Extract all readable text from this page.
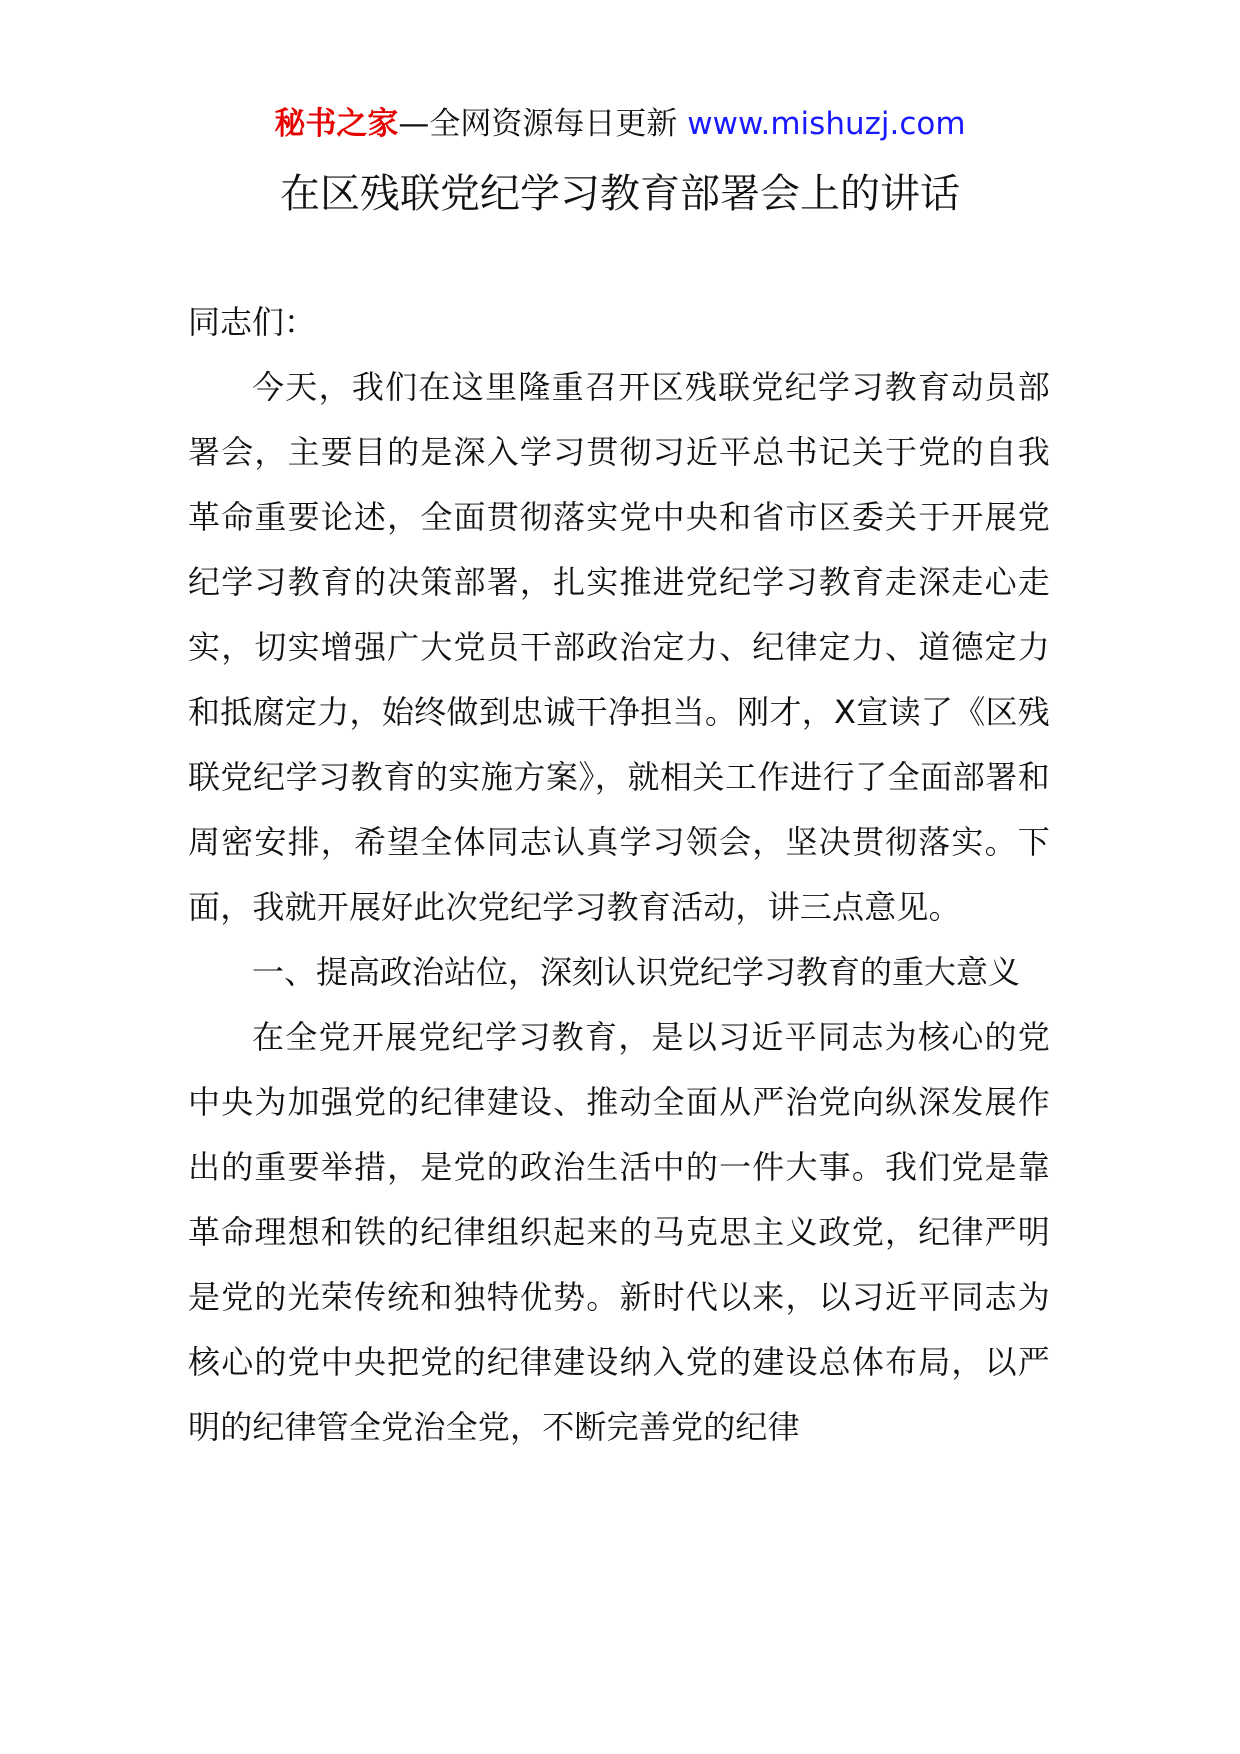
秘书之家—全网资源每日更新 www.mishuzj.com
在区残联党纪学习教育部署会上的讲话

同志们：

今天，我们在这里隆重召开区残联党纪学习教育动员部署会，主要目的是深入学习贯彻习近平总书记关于党的自我革命重要论述，全面贯彻落实党中央和省市区委关于开展党纪学习教育的决策部署，扎实推进党纪学习教育走深走心走实，切实增强广大党员干部政治定力、纪律定力、道德定力和抵腐定力，始终做到忠诚干净担当。刚才，X宣读了《区残联党纪学习教育的实施方案》，就相关工作进行了全面部署和周密安排，希望全体同志认真学习领会，坚决贯彻落实。下面，我就开展好此次党纪学习教育活动，讲三点意见。

一、提高政治站位，深刻认识党纪学习教育的重大意义

在全党开展党纪学习教育，是以习近平同志为核心的党中央为加强党的纪律建设、推动全面从严治党向纵深发展作出的重要举措，是党的政治生活中的一件大事。我们党是靠革命理想和铁的纪律组织起来的马克思主义政党，纪律严明是党的光荣传统和独特优势。新时代以来，以习近平同志为核心的党中央把党的纪律建设纳入党的建设总体布局，以严明的纪律管全党治全党，不断完善党的纪律
